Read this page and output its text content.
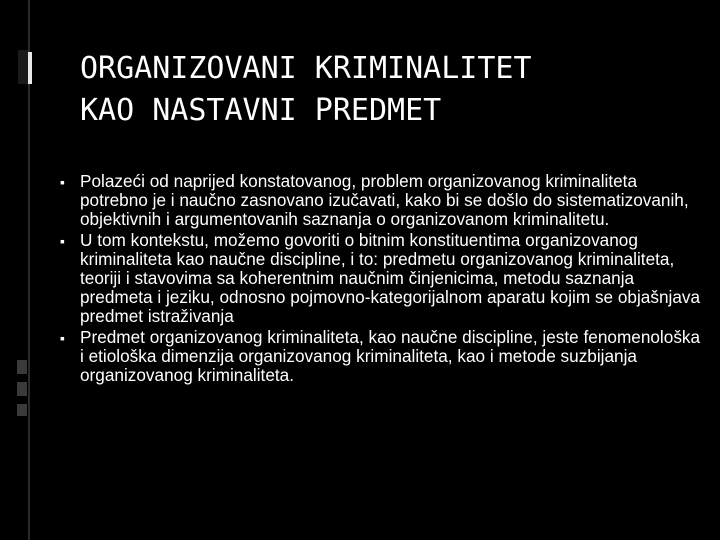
ORGANIZOVANI KRIMINALITET
KAO NASTAVNI PREDMET
▪ Polazeći od naprijed konstatovanog, problem organizovanog kriminaliteta potrebno je i naučno zasnovano izučavati, kako bi se došlo do sistematizovanih, objektivnih i argumentovanih saznanja o organizovanom kriminalitetu.
▪ U tom kontekstu, možemo govoriti o bitnim konstituentima organizovanog kriminaliteta kao naučne discipline, i to: predmetu organizovanog kriminaliteta, teoriji i stavovima sa koherentnim naučnim činjenicima, metodu saznanja predmeta i jeziku, odnosno pojmovno-kategorijalnom aparatu kojim se objašnjava predmet istraživanja
▪ Predmet organizovanog kriminaliteta, kao naučne discipline, jeste fenomenološka i etiološka dimenzija organizovanog kriminaliteta, kao i metode suzbijanja organizovanog kriminaliteta.
